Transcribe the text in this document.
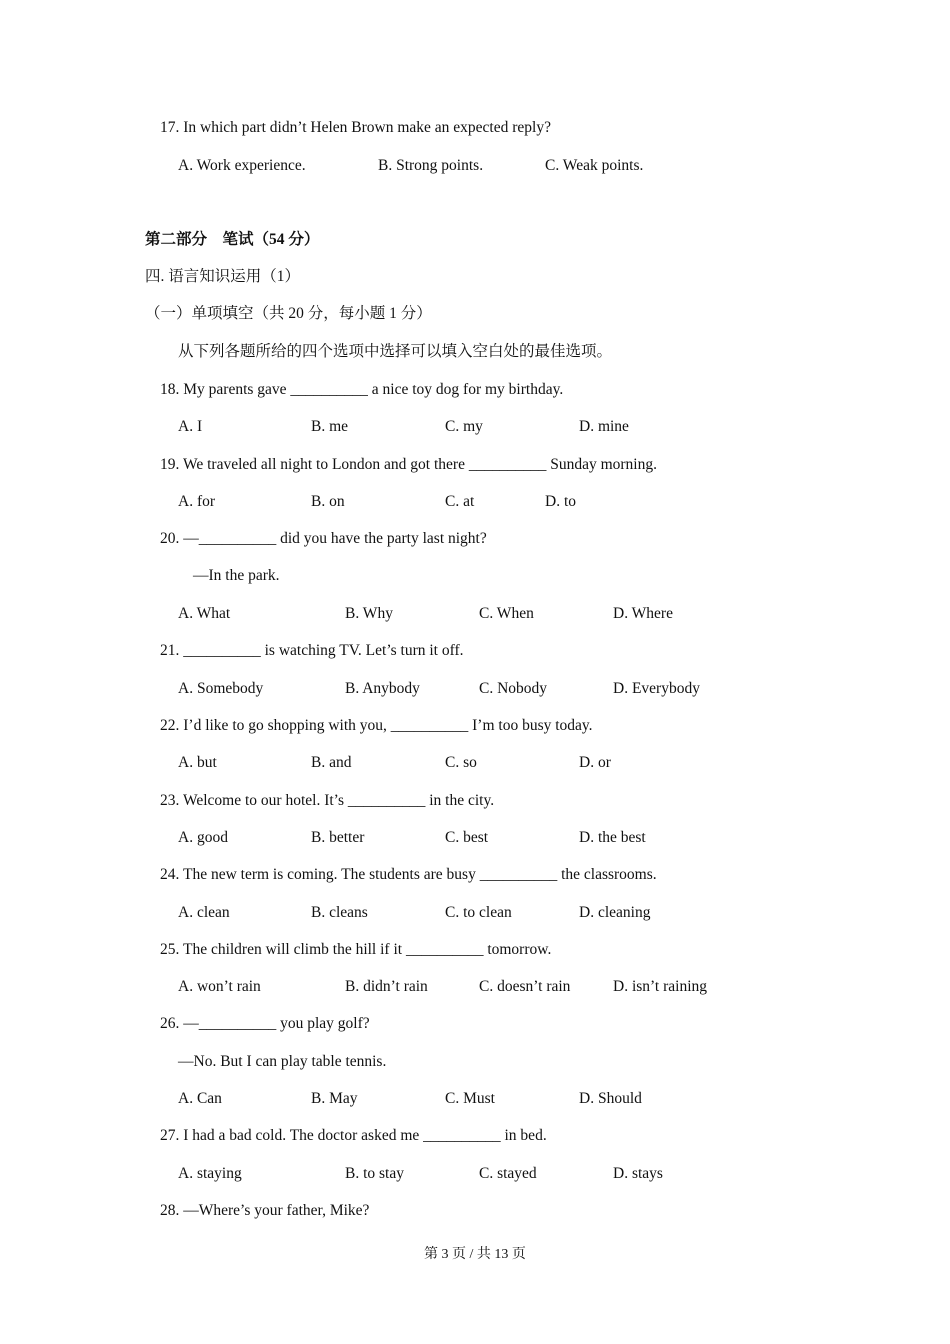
17. In which part didn’t Helen Brown make an expected reply?
A. Work experience.	B. Strong points.	C. Weak points.
第二部分　笔试（54 分）
四. 语言知识运用（1）
（一）单项填空（共 20 分，每小题 1 分）
从下列各题所给的四个选项中选择可以填入空白处的最佳选项。
18. My parents gave __________ a nice toy dog for my birthday.
A. I	B. me	C. my	D. mine
19. We traveled all night to London and got there __________ Sunday morning.
A. for	B. on	C. at	D. to
20. —__________ did you have the party last night?
—In the park.
A. What	B. Why	C. When	D. Where
21. __________ is watching TV. Let’s turn it off.
A. Somebody	B. Anybody	C. Nobody	D. Everybody
22. I’d like to go shopping with you, __________ I’m too busy today.
A. but	B. and	C. so	D. or
23. Welcome to our hotel. It’s __________ in the city.
A. good	B. better	C. best	D. the best
24. The new term is coming. The students are busy __________ the classrooms.
A. clean	B. cleans	C. to clean	D. cleaning
25. The children will climb the hill if it __________ tomorrow.
A. won’t rain	B. didn’t rain	C. doesn’t rain	D. isn’t raining
26. —__________ you play golf?
—No. But I can play table tennis.
A. Can	B. May	C. Must	D. Should
27. I had a bad cold. The doctor asked me __________ in bed.
A. staying	B. to stay	C. stayed	D. stays
28. —Where’s your father, Mike?
第 3 页 / 共 13 页
